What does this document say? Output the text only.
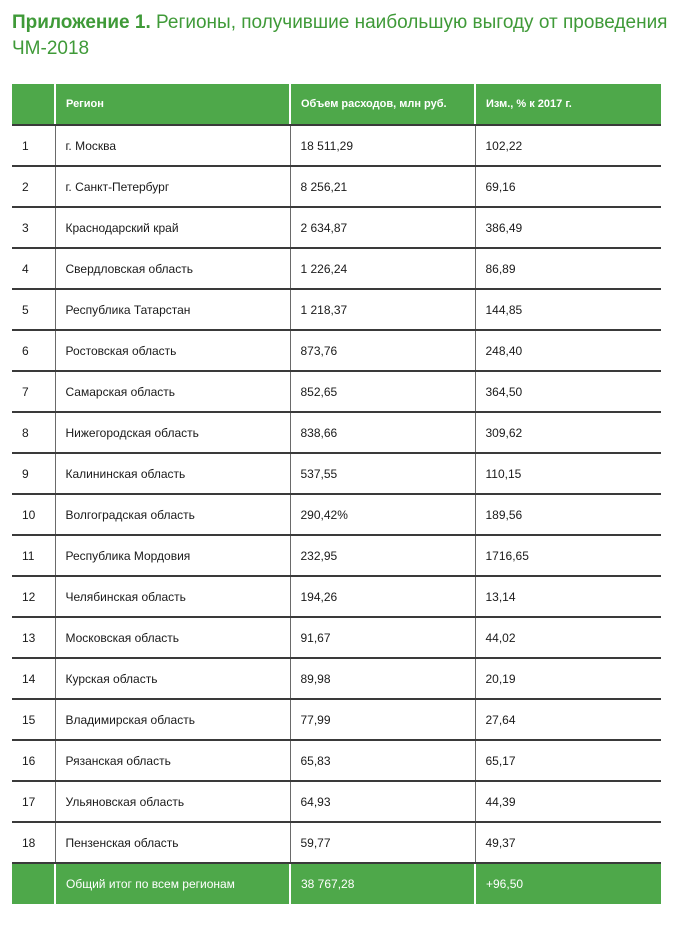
Приложение 1. Регионы, получившие наибольшую выгоду от проведения ЧМ-2018
	Регион	Объем расходов, млн руб.	Изм., % к 2017 г.
1	г. Москва	18 511,29	102,22
2	г. Санкт-Петербург	8 256,21	69,16
3	Краснодарский край	2 634,87	386,49
4	Свердловская область	1 226,24	86,89
5	Республика Татарстан	1 218,37	144,85
6	Ростовская область	873,76	248,40
7	Самарская область	852,65	364,50
8	Нижегородская область	838,66	309,62
9	Калининская область	537,55	110,15
10	Волгоградская область	290,42%	189,56
11	Республика Мордовия	232,95	1716,65
12	Челябинская область	194,26	13,14
13	Московская область	91,67	44,02
14	Курская область	89,98	20,19
15	Владимирская область	77,99	27,64
16	Рязанская область	65,83	65,17
17	Ульяновская область	64,93	44,39
18	Пензенская область	59,77	49,37
	Общий итог по всем регионам	38 767,28	+96,50
